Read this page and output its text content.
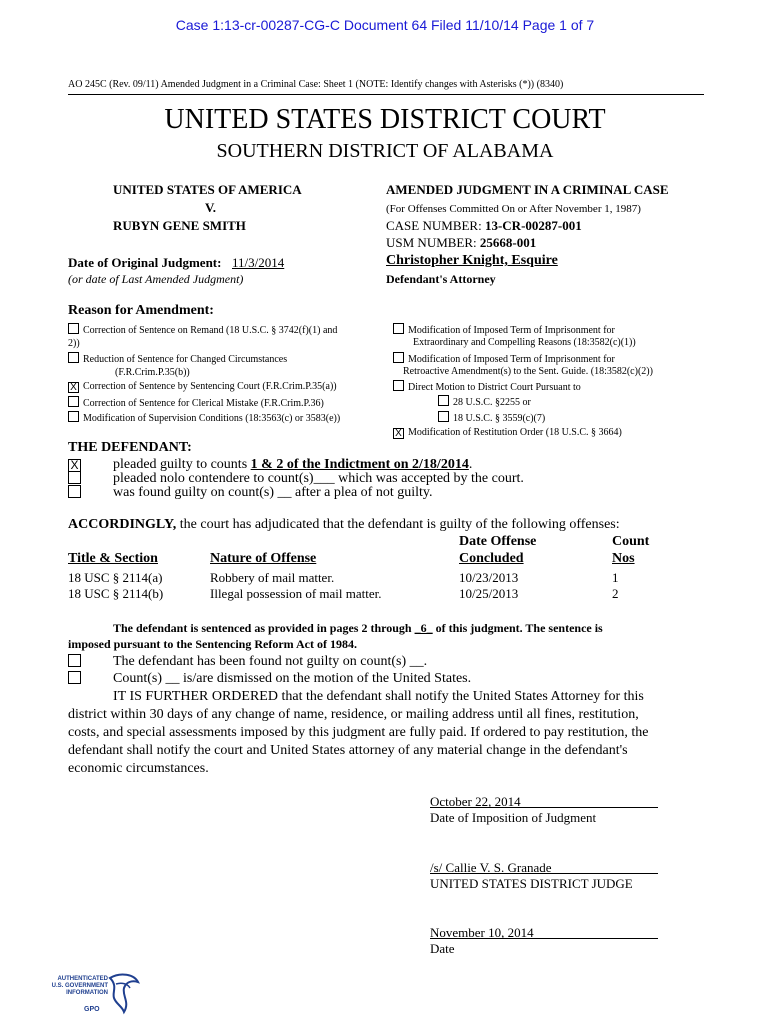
Case 1:13-cr-00287-CG-C Document 64 Filed 11/10/14 Page 1 of 7
AO 245C (Rev. 09/11) Amended Judgment in a Criminal Case: Sheet 1 (NOTE: Identify changes with Asterisks (*)) (8340)
UNITED STATES DISTRICT COURT
SOUTHERN DISTRICT OF ALABAMA
UNITED STATES OF AMERICA
V.
RUBYN GENE SMITH
Date of Original Judgment: 11/3/2014
(or date of Last Amended Judgment)
AMENDED JUDGMENT IN A CRIMINAL CASE
(For Offenses Committed On or After November 1, 1987)
CASE NUMBER: 13-CR-00287-001
USM NUMBER: 25668-001
Christopher Knight, Esquire
Defendant's Attorney
Reason for Amendment:
Correction of Sentence on Remand (18 U.S.C. § 3742(f)(1) and
2))
Reduction of Sentence for Changed Circumstances
(F.R.Crim.P.35(b))
X Correction of Sentence by Sentencing Court (F.R.Crim.P.35(a))
Correction of Sentence for Clerical Mistake (F.R.Crim.P.36)
Modification of Supervision Conditions (18:3563(c) or 3583(e))
Modification of Imposed Term of Imprisonment for
Extraordinary and Compelling Reasons (18:3582(c)(1))
Modification of Imposed Term of Imprisonment for
Retroactive Amendment(s) to the Sent. Guide. (18:3582(c)(2))
Direct Motion to District Court Pursuant to
28 U.S.C. §2255 or
18 U.S.C. § 3559(c)(7)
X Modification of Restitution Order (18 U.S.C. § 3664)
THE DEFENDANT:
X pleaded guilty to counts 1 & 2 of the Indictment on 2/18/2014.
pleaded nolo contendere to count(s)___ which was accepted by the court.
was found guilty on count(s) __ after a plea of not guilty.
ACCORDINGLY, the court has adjudicated that the defendant is guilty of the following offenses:
Date Offense	Count
Title & Section	Nature of Offense	Concluded	Nos
18 USC § 2114(a)	Robbery of mail matter.	10/23/2013	1
18 USC § 2114(b)	Illegal possession of mail matter.	10/25/2013	2
The defendant is sentenced as provided in pages 2 through _6_ of this judgment. The sentence is
imposed pursuant to the Sentencing Reform Act of 1984.
The defendant has been found not guilty on count(s) __.
Count(s) __ is/are dismissed on the motion of the United States.
IT IS FURTHER ORDERED that the defendant shall notify the United States Attorney for this
district within 30 days of any change of name, residence, or mailing address until all fines, restitution,
costs, and special assessments imposed by this judgment are fully paid. If ordered to pay restitution, the
defendant shall notify the court and United States attorney of any material change in the defendant's
economic circumstances.
October 22, 2014
Date of Imposition of Judgment
/s/ Callie V. S. Granade
UNITED STATES DISTRICT JUDGE
November 10, 2014
Date
AUTHENTICATED
U.S. GOVERNMENT
INFORMATION
GPO
